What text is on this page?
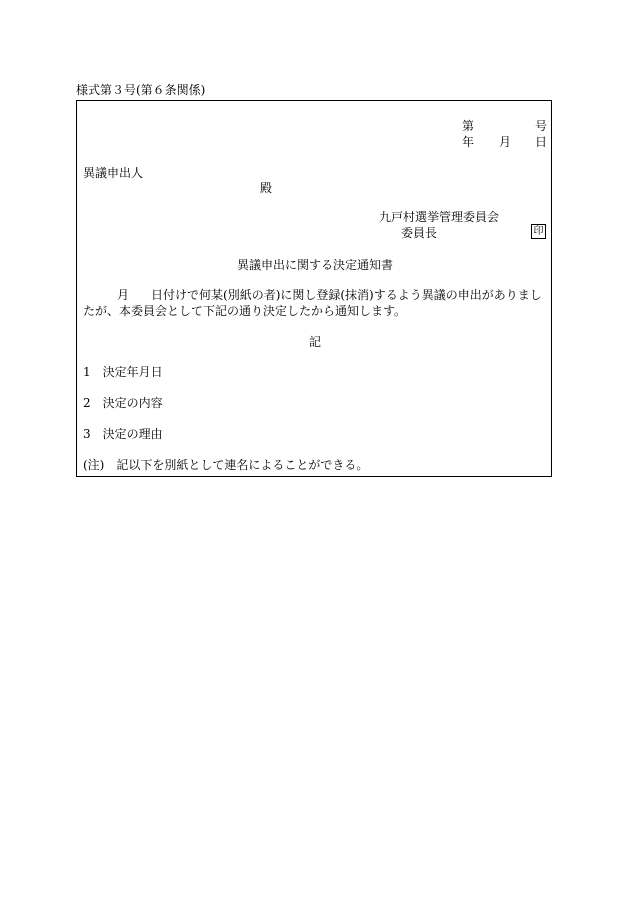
様式第３号(第６条関係)
第	号
年 月 日
異議申出人
殿
九戸村選挙管理委員会
委員長	印
異議申出に関する決定通知書
月 日付けで何某(別紙の者)に関し登録(抹消)するよう異議の申出がありましたが、本委員会として下記の通り決定したから通知します。
記
1　 決定年月日
2　 決定の内容
3　 決定の理由
(注)　 記以下を別紙として連名によることができる。
